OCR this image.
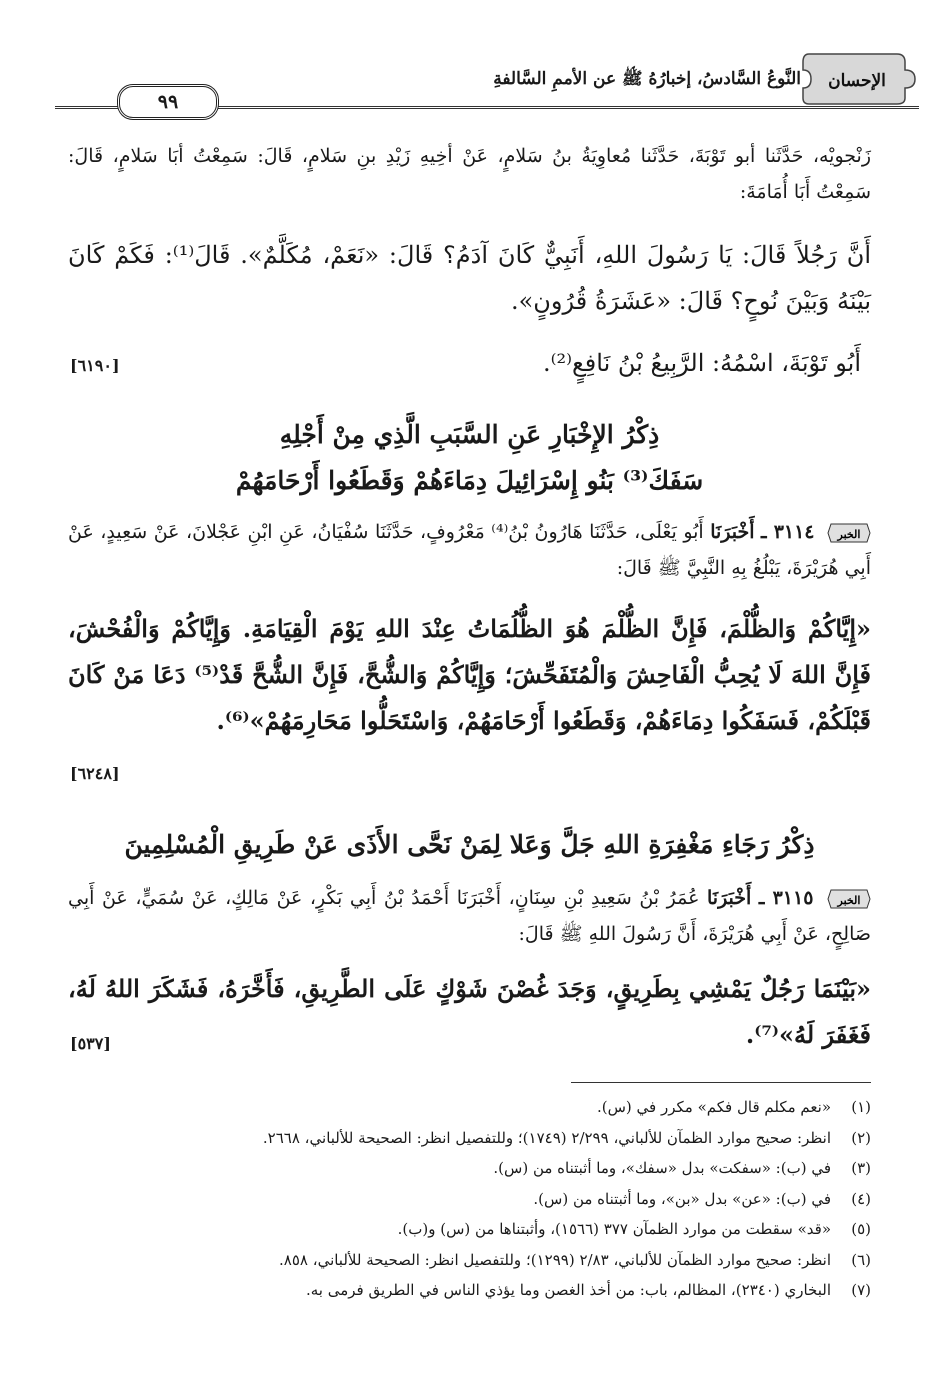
الإحسان
النَّوعُ السَّادسُ، إخبارُهُ ﷺ عن الأممِ السَّالفةِ
٩٩
زَنْجويْه، حَدَّثَنا أبو تَوْبَةَ، حَدَّثَنا مُعاوِيَةُ بنُ سَلامٍ، عَنْ أخِيهِ زَيْدِ بنِ سَلامٍ، قَالَ: سَمِعْتُ أبَا سَلامٍ، قَالَ: سَمِعْتُ أَبَا أُمَامَةَ:
أَنَّ رَجُلاً قَالَ: يَا رَسُولَ اللهِ، أَنَبِيٌّ كَانَ آدَمُ؟ قَالَ: «نَعَمْ، مُكَلَّمٌ». قَالَ⁽¹⁾: فَكَمْ كَانَ بَيْنَهُ وَبَيْنَ نُوحٍ؟ قَالَ: «عَشَرَةُ قُرُونٍ».
أَبُو تَوْبَةَ، اسْمُهُ: الرَّبِيعُ بْنُ نَافِعٍ⁽²⁾.
[٦١٩٠]
ذِكْرُ الإِخْبَارِ عَنِ السَّبَبِ الَّذِي مِنْ أَجْلِهِ
سَفَكَ⁽³⁾ بَنُو إِسْرَائِيلَ دِمَاءَهُمْ وَقَطَعُوا أَرْحَامَهُمْ
الخبر
٣١١٤ ـ أَخْبَرَنَا أَبُو يَعْلَى، حَدَّثَنَا هَارُونُ بْنُ⁽⁴⁾ مَعْرُوفٍ، حَدَّثَنَا سُفْيَانُ، عَنِ ابْنِ عَجْلانَ، عَنْ سَعِيدٍ، عَنْ أَبِي هُرَيْرَةَ، يَبْلُغُ بِهِ النَّبِيَّ ﷺ قَالَ:
«إِيَّاكُمْ وَالظُّلْمَ، فَإِنَّ الظُّلْمَ هُوَ الظُّلُمَاتُ عِنْدَ اللهِ يَوْمَ الْقِيَامَةِ. وَإِيَّاكُمْ وَالْفُحْشَ، فَإِنَّ اللهَ لَا يُحِبُّ الْفَاحِشَ وَالْمُتَفَحِّشَ؛ وَإِيَّاكُمْ وَالشُّحَّ، فَإِنَّ الشُّحَّ قَدْ⁽⁵⁾ دَعَا مَنْ كَانَ قَبْلَكُمْ، فَسَفَكُوا دِمَاءَهُمْ، وَقَطَعُوا أَرْحَامَهُمْ، وَاسْتَحَلُّوا مَحَارِمَهُمْ»⁽⁶⁾.
[٦٢٤٨]
ذِكْرُ رَجَاءِ مَغْفِرَةِ اللهِ جَلَّ وَعَلا لِمَنْ نَحَّى الأَذَى عَنْ طَرِيقِ الْمُسْلِمِينَ
الخبر
٣١١٥ ـ أَخْبَرَنَا عُمَرُ بْنُ سَعِيدِ بْنِ سِنَانٍ، أَخْبَرَنَا أَحْمَدُ بْنُ أَبِي بَكْرٍ، عَنْ مَالِكٍ، عَنْ سُمَيٍّ، عَنْ أَبِي صَالِحٍ، عَنْ أَبِي هُرَيْرَةَ، أَنَّ رَسُولَ اللهِ ﷺ قَالَ:
«بَيْنَمَا رَجُلٌ يَمْشِي بِطَرِيقٍ، وَجَدَ غُصْنَ شَوْكٍ عَلَى الطَّرِيقِ، فَأَخَّرَهُ، فَشَكَرَ اللهُ لَهُ، فَغَفَرَ لَهُ»⁽⁷⁾.
[٥٣٧]
(١)
«نعم مكلم قال فكم» مكرر في (س).
(٢)
انظر: صحيح موارد الظمآن للألباني، ٢/٢٩٩ (١٧٤٩)؛ وللتفصيل انظر: الصحيحة للألباني، ٢٦٦٨.
(٣)
في (ب): «سفكت» بدل «سفك»، وما أثبتناه من (س).
(٤)
في (ب): «عن» بدل «بن»، وما أثبتناه من (س).
(٥)
«قد» سقطت من موارد الظمآن ٣٧٧ (١٥٦٦)، وأثبتناها من (س) و(ب).
(٦)
انظر: صحيح موارد الظمآن للألباني، ٢/٨٣ (١٢٩٩)؛ وللتفصيل انظر: الصحيحة للألباني، ٨٥٨.
(٧)
البخاري (٢٣٤٠)، المظالم، باب: من أخذ الغصن وما يؤذي الناس في الطريق فرمى به.
